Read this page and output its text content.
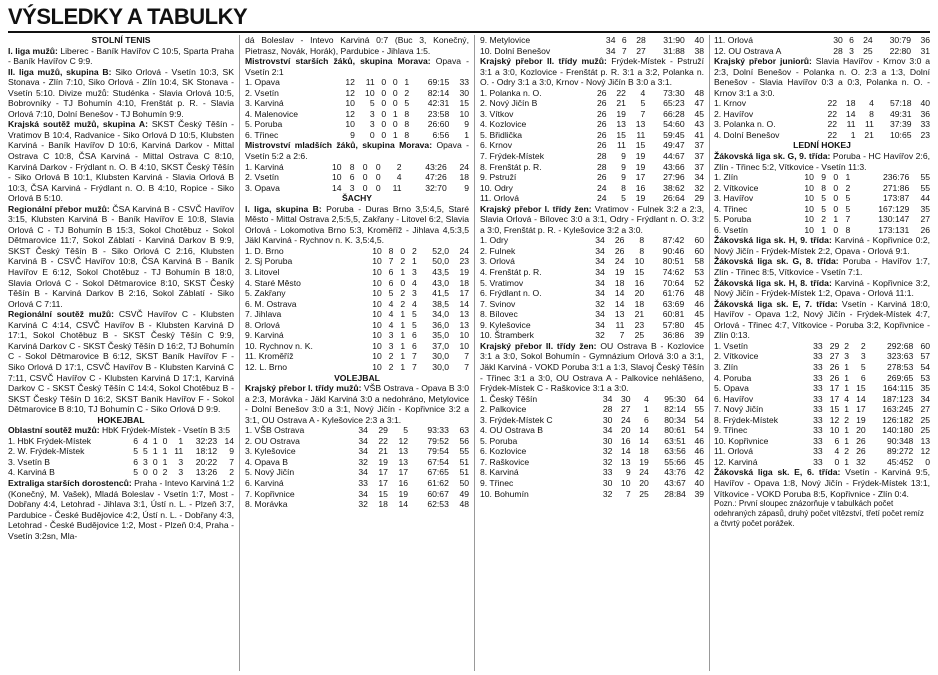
VÝSLEDKY A TABULKY
STOLNÍ TENIS

I. liga mužů: Liberec - Baník Havířov C 10:5, Sparta Praha - Baník Havířov C 9:9.

II. liga mužů, skupina B: Siko Orlová - Vsetín 10:3, SK Stonava - Zlín 7:10, Siko Orlová - Zlín 10:4, SK Stonava - Vsetín 5:10. Divize mužů: Studénka - Slavia Orlová 10:5, Bobrovníky - TJ Bohumín 4:10, Frenštát p. R. - Slavia Orlová 7:10, Dolní Benešov - TJ Bohumín 9:9.

Krajská soutěž mužů, skupina A: SKST Český Těšín - Vratimov B 10:4, Radvanice - Siko Orlová D 10:5, Klubsten Karviná - Baník Havířov D 10:6, Karviná Darkov - Mittal Ostrava C 10:8, ČSA Karviná - Mittal Ostrava C 8:10, Karviná Darkov - Frýdlant n. O. B 4:10, SKST Český Těšín - Siko Orlová B 10:1, Klubsten Karviná - Slavia Orlová B 10:3, ČSA Karviná - Frýdlant n. O. B 4:10, Ropice - Siko Orlová B 5:10.

Regionální přebor mužů: ČSA Karviná B - CSVČ Havířov 3:15, Klubsten Karviná B - Baník Havířov E 10:8, Slavia Orlová C - TJ Bohumín B 15:3, Sokol Chotěbuz - Sokol Dětmarovice 11:7, Sokol Záblatí - Karviná Darkov B 9:9, SKST Český Těšín B - Siko Orlová C 2:16, Klubsten Karviná B - CSVČ Havířov 10:8, ČSA Karviná B - Baník Havířov E 6:12, Sokol Chotěbuz - TJ Bohumín B 18:0, Slavia Orlová C - Sokol Dětmarovice 8:10, SKST Český Těšín B - Karviná Darkov B 2:16, Sokol Záblatí - Siko Orlová C 7:11.

Regionální soutěž mužů: CSVČ Havířov C - Klubsten Karviná C 4:14, CSVČ Havířov B - Klubsten Karviná D 17:1, Sokol Chotěbuz B - SKST Český Těšín C 9:9, Karviná Darkov C - SKST Český Těšín D 16:2, TJ Bohumín C - Sokol Dětmarovice B 6:12, SKST Baník Havířov F - Siko Orlová D 17:1, CSVČ Havířov B - Klubsten Karviná C 7:11, CSVČ Havířov C - Klubsten Karviná D 17:1, Karviná Darkov C - SKST Český Těšín C 14:4, Sokol Chotěbuz B - SKST Český Těšín D 16:2, SKST Baník Havířov F - Sokol Dětmarovice B 8:10, TJ Bohumín C - Siko Orlová D 9:9.

HOKEJBAL

Oblastní soutěž mužů: HbK Frýdek-Místek - Vsetín B 3:5

1. HbK Frýdek-Místek	6	4	1	0	1	32:23	14
2. W. Frýdek-Místek	5	5	1	1	11	18:12	9
3. Vsetín B	6	3	0	1	3	20:22	7
4. Karviná B	5	0	0	2	3	13:26	2

Extraliga starších dorostenců: Praha - Intevo Karviná 1:2 (Konečný, M. Vašek), Mladá Boleslav - Vsetín 1:7, Most - Dobřany 4:4, Letohrad - Jihlava 3:1, Ústí n. L. - Plzeň 3:7, Pardubice - České Budějovice 4:2, Ústí n. L. - Dobřany 4:3, Letohrad - České Budějovice 1:2, Most - Plzeň 0:4, Praha - Vsetín 3:2sn, Mla-

dá Boleslav - Intevo Karviná 0:7 (Buc 3, Konečný, Pietrasz, Novák, Horák), Pardubice - Jihlava 1:5.

Mistrovství starších žáků, skupina Morava: Opava - Vsetín 2:1

1. Opava	12	11	0	0	1	69:15	33
2. Vsetín	12	10	0	0	2	82:14	30
3. Karviná	10	5	0	0	5	42:31	15
4. Malenovice	12	3	0	1	8	23:58	10
5. Poruba	10	3	0	0	8	26:60	9
6. Třinec	9	0	0	1	8	6:56	1

Mistrovství mladších žáků, skupina Morava: Opava - Vsetín 5:2 a 2:6.

1. Karviná	10	8	0	0	2	43:26	24
2. Vsetín	10	6	0	0	4	47:26	18
3. Opava	14	3	0	0	11	32:70	9
ŠACHY

I. liga, skupina B: Poruba - Duras Brno 3,5:4,5, Staré Město - Mittal Ostrava 2,5:5,5, Zakřany - Litovel 6:2, Slavia Orlová - Lokomotiva Brno 5:3, Kroměříž - Jihlava 4,5:3,5 Jäkl Karviná - Rychnov n. K. 3,5:4,5.

1. D. Brno	10	8	0	2	52,0	24
2. Sj Poruba	10	7	2	1	50,0	23
3. Litovel	10	6	1	3	43,5	19
4. Staré Město	10	6	0	4	43,0	18
5. Zakřany	10	5	2	3	41,5	17
6. M. Ostrava	10	4	2	4	38,5	14
7. Jihlava	10	4	1	5	34,0	13
8. Orlová	10	4	1	5	36,0	13
9. Karviná	10	3	1	6	35,0	10
10. Rychnov n. K.	10	3	1	6	37,0	10
11. Kroměříž	10	2	1	7	30,0	7
12. L. Brno	10	2	1	7	30,0	7
VOLEJBAL

Krajský přebor I. třídy mužů: VŠB Ostrava - Opava B 3:0 a 2:3, Morávka - Jäkl Karviná 3:0 a nedohráno, Metylovice - Dolní Benešov 3:0 a 3:1, Nový Jičín - Kopřivnice 3:2 a 3:1, OU Ostrava A - Kylešovice 2:3 a 3:1.

1. VŠB Ostrava	34	29	5	93:33	63
2. OU Ostrava	34	22	12	79:52	56
3. Kylešovice	34	21	13	79:54	55
4. Opava B	32	19	13	67:54	51
5. Nový Jičín	34	17	17	67:65	51
6. Karviná	33	17	16	61:62	50
7. Kopřivnice	34	15	19	60:67	49
8. Morávka	32	18	14	62:53	48
9. Metylovice	34	6	28	31:90	40
10. Dolní Benešov	34	7	27	31:88	38

Krajský přebor II. třídy mužů: Frýdek-Místek - Pstruží 3:1 a 3:0, Kozlovice - Frenštát p. R. 3:1 a 3:2, Polanka n. O. - Odry 3:1 a 3:0, Krnov - Nový Jičín B 3:0 a 3:1.

1. Polanka n. O.	26	22	4	73:30	48
2. Nový Jičín B	26	21	5	65:23	47
3. Vítkov	26	19	7	66:28	45
4. Kozlovice	26	13	13	54:60	43
5. Břidlička	26	15	11	59:45	41
6. Krnov	26	11	15	49:47	37
7. Frýdek-Místek	28	9	19	44:67	37
8. Frenštát p. R.	28	9	19	43:66	37
9. Pstruží	26	9	17	27:96	34
10. Odry	24	8	16	38:62	32
11. Orlová	24	5	19	26:64	29

Krajský přebor I. třídy žen: Vratimov - Fulnek 3:2 a 2:3, Slavia Orlová - Bílovec 3:0 a 3:1, Odry - Frýdlant n. O. 3:2 a 3:0, Frenštát p. R. - Kylešovice 3:2 a 3:0.

1. Odry	34	26	8	87:42	60
2. Fulnek	34	26	8	90:46	60
3. Orlová	34	24	10	80:51	58
4. Frenštát p. R.	34	19	15	74:62	53
5. Vratimov	34	18	16	70:64	52
6. Frýdlant n. O.	34	14	20	61:76	48
7. Svinov	32	14	18	63:69	46
8. Bílovec	34	13	21	60:81	45
9. Kylešovice	34	11	23	57:80	45
10. Štramberk	32	7	25	36:86	39

Krajský přebor II. třídy žen: OU Ostrava B - Kozlovice 3:1 a 3:0, Sokol Bohumín - Gymnázium Orlová 3:0 a 3:1, Jäkl Karviná - VOKD Poruba 3:1 a 1:3, Slavoj Český Těšín - Třinec 3:1 a 3:0, OU Ostrava A - Palkovice nehlášeno, Frýdek-Místek C - Raškovice 3:1 a 3:0.

1. Český Těšín	34	30	4	95:30	64
2. Palkovice	28	27	1	82:14	55
3. Frýdek-Místek C	30	24	6	80:34	54
4. OU Ostrava B	34	20	14	80:61	54
5. Poruba	30	16	14	63:51	46
6. Kozlovice	32	14	18	63:56	46
7. Raškovice	32	13	19	55:66	45
8. Karviná	33	9	24	43:76	42
9. Třinec	30	10	20	43:67	40
10. Bohumín	32	7	25	28:84	39
11. Orlová	30	6	24	30:79	36
12. OU Ostrava A	28	3	25	22:80	31

Krajský přebor juniorů: Slavia Havířov - Krnov 3:0 a 2:3, Dolní Benešov - Polanka n. O. 2:3 a 1:3, Dolní Benešov - Slavia Havířov 0:3 a 0:3, Polanka n. O. - Krnov 3:1 a 3:0.

1. Krnov	22	18	4	57:18	40
2. Havířov	22	14	8	49:31	36
3. Polanka n. O.	22	11	11	37:39	33
4. Dolní Benešov	22	1	21	10:65	23
LEDNÍ HOKEJ

Žákovská liga sk. G, 9. třída: Poruba - HC Havířov 2:6, Zlín - Třinec 5:2, Vítkovice - Vsetín 11:3.

1. Zlín	10	9	0	1	236:76	55
2. Vítkovice	10	8	0	2	271:86	55
3. Havířov	10	5	0	5	173:87	44
4. Třinec	10	5	0	5	167:129	35
5. Poruba	10	2	1	7	130:147	27
6. Vsetín	10	1	0	8	173:131	26

Žákovská liga sk. H, 9. třída: Karviná - Kopřivnice 0:2, Nový Jičín - Frýdek-Místek 2:2, Opava - Orlová 9:1.

Žákovská liga sk. G, 8. třída: Poruba - Havířov 1:7, Zlín - Třinec 8:5, Vítkovice - Vsetín 7:1.

Žákovská liga sk. H, 8. třída: Karviná - Kopřivnice 3:2, Nový Jičín - Frýdek-Místek 1:2, Opava - Orlová 11:1.

Žákovská liga sk. E, 7. třída: Vsetín - Karviná 18:0, Havířov - Opava 1:2, Nový Jičín - Frýdek-Místek 4:7, Orlová - Třinec 4:7, Vítkovice - Poruba 3:2, Kopřivnice - Zlín 0:13.

1. Vsetín	33	29	2	2	292:68	60
2. Vítkovice	33	27	3	3	323:63	57
3. Zlín	33	26	1	5	278:53	54
4. Poruba	33	26	1	6	269:65	53
5. Opava	33	17	1	15	164:115	35
6. Havířov	33	17	4	14	187:123	34
7. Nový Jičín	33	15	1	17	163:245	27
8. Frýdek-Místek	33	12	2	19	126:182	25
9. Třinec	33	10	1	20	140:180	25
10. Kopřivnice	33	6	1	26	90:348	13
11. Orlová	33	4	2	26	89:272	12
12. Karviná	33	0	1	32	45:452	0

Žákovská liga sk. E, 6. třída: Vsetín - Karviná 9:5, Havířov - Opava 1:8, Nový Jičín - Frýdek-Místek 13:1, Vítkovice - VOKD Poruba 8:5, Kopřivnice - Zlín 0:4.

Pozn.: První sloupec znázorňuje v tabulkách počet odehraných zápasů, druhý počet vítězství, třetí počet remíz a čtvrtý počet porážek.
